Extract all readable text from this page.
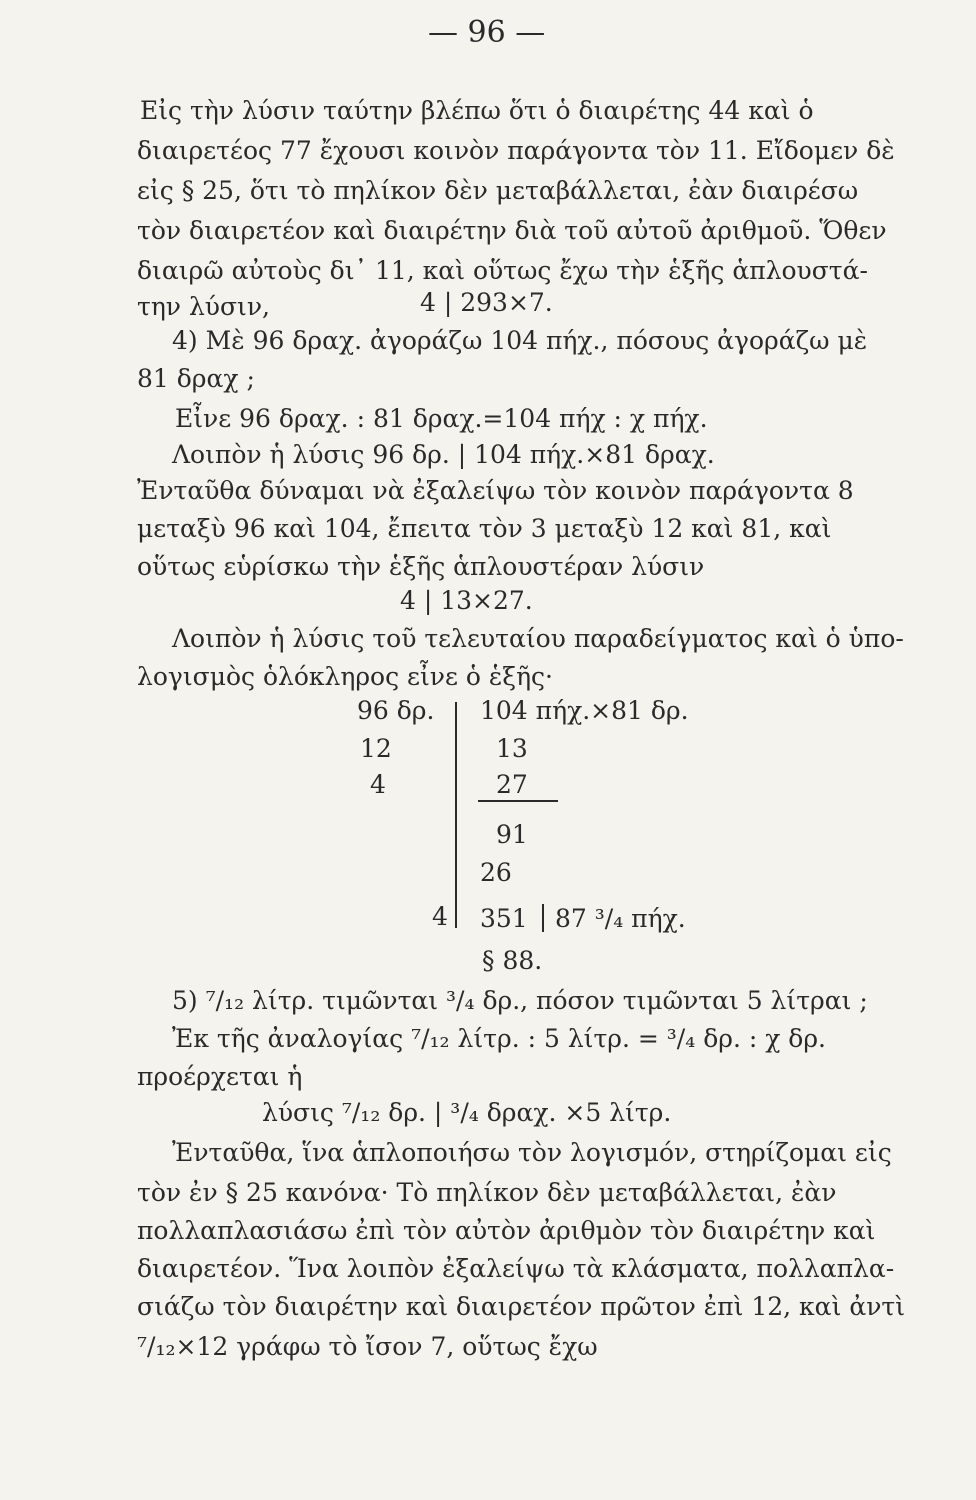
— 96 —
Εἰς τὴν λύσιν ταύτην βλέπω ὅτι ὁ διαιρέτης 44 καὶ ὁ
διαιρετέος 77 ἔχουσι κοινὸν παράγοντα τὸν 11. Εἴδομεν δὲ
εἰς § 25, ὅτι τὸ πηλίκον δὲν μεταβάλλεται, ἐὰν διαιρέσω
τὸν διαιρετέον καὶ διαιρέτην διὰ τοῦ αὐτοῦ ἀριθμοῦ. Ὅθεν
διαιρῶ αὐτοὺς δι᾿ 11, καὶ οὕτως ἔχω τὴν ἑξῆς ἁπλουστά-
την λύσιν,	4 | 293×7.
4) Μὲ 96 δραχ. ἀγοράζω 104 πήχ., πόσους ἀγοράζω μὲ
81 δραχ ;
Εἶνε 96 δραχ. : 81 δραχ.=104 πήχ : χ πήχ.
Λοιπὸν ἡ λύσις 96 δρ. | 104 πήχ.×81 δραχ.
Ἐνταῦθα δύναμαι νὰ ἐξαλείψω τὸν κοινὸν παράγοντα 8
μεταξὺ 96 καὶ 104, ἔπειτα τὸν 3 μεταξὺ 12 καὶ 81, καὶ
οὕτως εὑρίσκω τὴν ἑξῆς ἁπλουστέραν λύσιν
4 | 13×27.
Λοιπὸν ἡ λύσις τοῦ τελευταίου παραδείγματος καὶ ὁ ὑπο-
λογισμὸς ὁλόκληρος εἶνε ὁ ἑξῆς·
96 δρ.
12
4
4
104 πήχ.×81 δρ.
13
27
91
26
351 87 ³/₄ πήχ.
§ 88.
5) ⁷/₁₂ λίτρ. τιμῶνται ³/₄ δρ., πόσον τιμῶνται 5 λίτραι ;
Ἐκ τῆς ἀναλογίας ⁷/₁₂ λίτρ. : 5 λίτρ. = ³/₄ δρ. : χ δρ.
προέρχεται ἡ
λύσις ⁷/₁₂ δρ. | ³/₄ δραχ. ×5 λίτρ.
Ἐνταῦθα, ἵνα ἁπλοποιήσω τὸν λογισμόν, στηρίζομαι εἰς
τὸν ἐν § 25 κανόνα· Τὸ πηλίκον δὲν μεταβάλλεται, ἐὰν
πολλαπλασιάσω ἐπὶ τὸν αὐτὸν ἀριθμὸν τὸν διαιρέτην καὶ
διαιρετέον. Ἵνα λοιπὸν ἐξαλείψω τὰ κλάσματα, πολλαπλα-
σιάζω τὸν διαιρέτην καὶ διαιρετέον πρῶτον ἐπὶ 12, καὶ ἀντὶ
⁷/₁₂×12 γράφω τὸ ἴσον 7, οὕτως ἔχω
